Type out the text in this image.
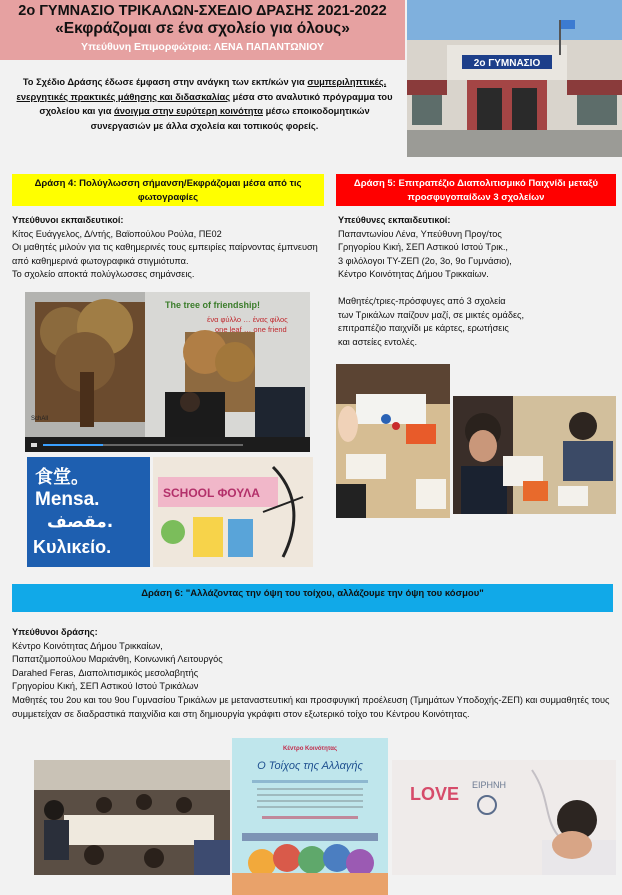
2ο ΓΥΜΝΑΣΙΟ ΤΡΙΚΑΛΩΝ-ΣΧΕΔΙΟ ΔΡΑΣΗΣ 2021-2022
«Εκφράζομαι σε ένα σχολείο για όλους»
Υπεύθυνη Επιμορφώτρια: ΛΕΝΑ ΠΑΠΑΝΤΩΝΙΟΥ
2ο ΓΥΜΝΑΣΙΟ
Το Σχέδιο Δράσης έδωσε έμφαση στην ανάγκη των εκπ/κών για συμπεριληπτικές, ενεργητικές πρακτικές μάθησης και διδασκαλίας μέσα στο αναλυτικό πρόγραμμα του σχολείου και για άνοιγμα στην ευρύτερη κοινότητα μέσω εποικοδομητικών συνεργασιών με άλλα σχολεία και τοπικούς φορείς.
Δράση 4: Πολύγλωσση σήμανση/Εκφράζομαι μέσα από τις φωτογραφίες
Υπεύθυνοι εκπαιδευτικοί:
Κίτος Ευάγγελος, Δ/ντής, Βαϊοπούλου Ρούλα, ΠΕ02
Οι μαθητές μιλούν για τις καθημερινές τους εμπειρίες παίρνοντας έμπνευση από καθημερινά φωτογραφικά στιγμιότυπα.
Το σχολείο αποκτά πολύγλωσσες σημάνσεις.
The tree of friendship!
ένα φύλλο … ένας φίλος
one leaf … one friend
SchAll
食堂。
Mensa.
مقصف.
Κυλικείο.
SCHOOL ΦΟΥΛΑ
Δράση 5: Επιτραπέζιο Διαπολιτισμικό Παιχνίδι μεταξύ προσφυγοπαίδων 3 σχολείων
Υπεύθυνες εκπαιδευτικοί:
Παπαντωνίου Λένα, Υπεύθυνη Προγ/τος
Γρηγορίου Κική, ΣΕΠ Αστικού Ιστού Τρικ.,
3 φιλόλογοι ΤΥ-ΖΕΠ (2ο, 3ο, 9ο Γυμνάσιο),
Κέντρο Κοινότητας Δήμου Τρικκαίων.
Μαθητές/τριες-πρόσφυγες από 3 σχολεία
των Τρικάλων παίζουν μαζί, σε μικτές ομάδες,
επιτραπέζιο παιχνίδι με κάρτες, ερωτήσεις
και αστείες εντολές.
Δράση 6: "Αλλάζοντας την όψη του τοίχου, αλλάζουμε την όψη του κόσμου"
Υπεύθυνοι δράσης:
Κέντρο Κοινότητας Δήμου Τρικκαίων,
Παπατζιμοπούλου Μαριάνθη, Κοινωνική Λειτουργός
Darahed Feras, Διαπολιτισμικός μεσολαβητής
Γρηγορίου Κική, ΣΕΠ Αστικού Ιστού Τρικάλων
Μαθητές του 2ου και του 9ου Γυμνασίου Τρικάλων με μεταναστευτική και προσφυγική προέλευση (Τμημάτων Υποδοχής-ΖΕΠ) και συμμαθητές τους συμμετείχαν σε διαδραστικά παιχνίδια και στη δημιουργία γκράφιτι στον εξωτερικό τοίχο του Κέντρου Κοινότητας.
Κέντρο Κοινότητας
Ο Τοίχος της Αλλαγής
LOVE ΕΙΡΗΝΗ
